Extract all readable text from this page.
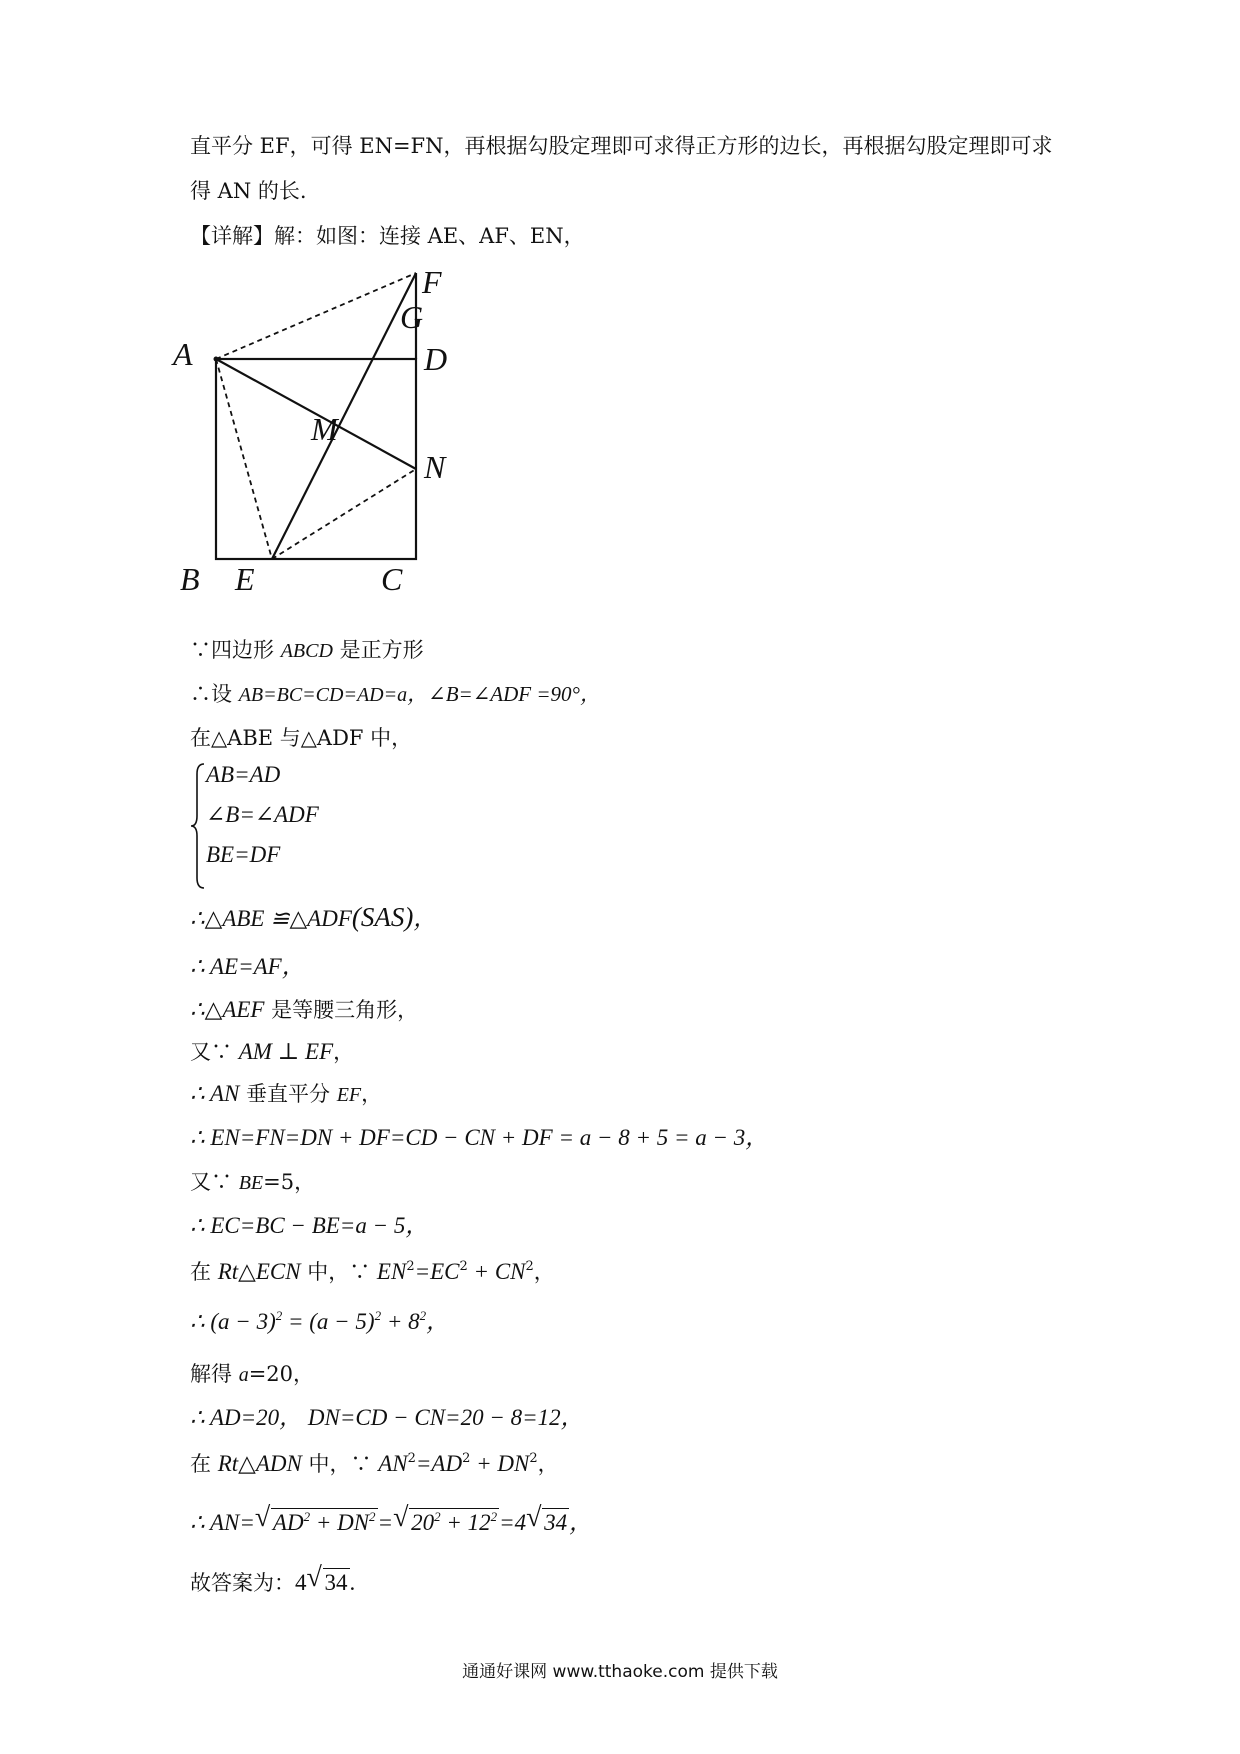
直平分 EF，可得 EN=FN，再根据勾股定理即可求得正方形的边长，再根据勾股定理即可求
得 AN 的长.
【详解】解：如图：连接 AE、AF、EN，
A
B E	C
G
F
D
M
N
∵四边形 ABCD 是正方形
∴设 AB=BC=CD=AD=a，∠B=∠ADF =90°，
在△ABE 与△ADF 中，
AB=AD
∠B=∠ADF
BE=DF
∴△ABE ≌△ADF(SAS)，
∴ AE=AF，
∴△AEF 是等腰三角形，
又∵ AM ⊥ EF，
∴ AN 垂直平分 EF，
∴ EN=FN=DN + DF=CD − CN + DF = a − 8 + 5 = a − 3，
又∵ BE=5，
∴ EC=BC − BE=a − 5，
在 Rt△ECN 中，∵ $EN^2=EC^2 + CN^2$，
∴ $(a - 3)^2 = (a - 5)^2 + 8^2$，
解得 a=20，
∴ AD=20， DN=CD − CN=20 − 8=12，
在 Rt△ADN 中，∵ $AN^2=AD^2 + DN^2$，
∴ AN= √ $AD^2 + DN^2=$ √ $20^2 + 12^2=4$ √ 34，
故答案为：4 √ 34.
通通好课网 www.tthaoke.com 提供下载
